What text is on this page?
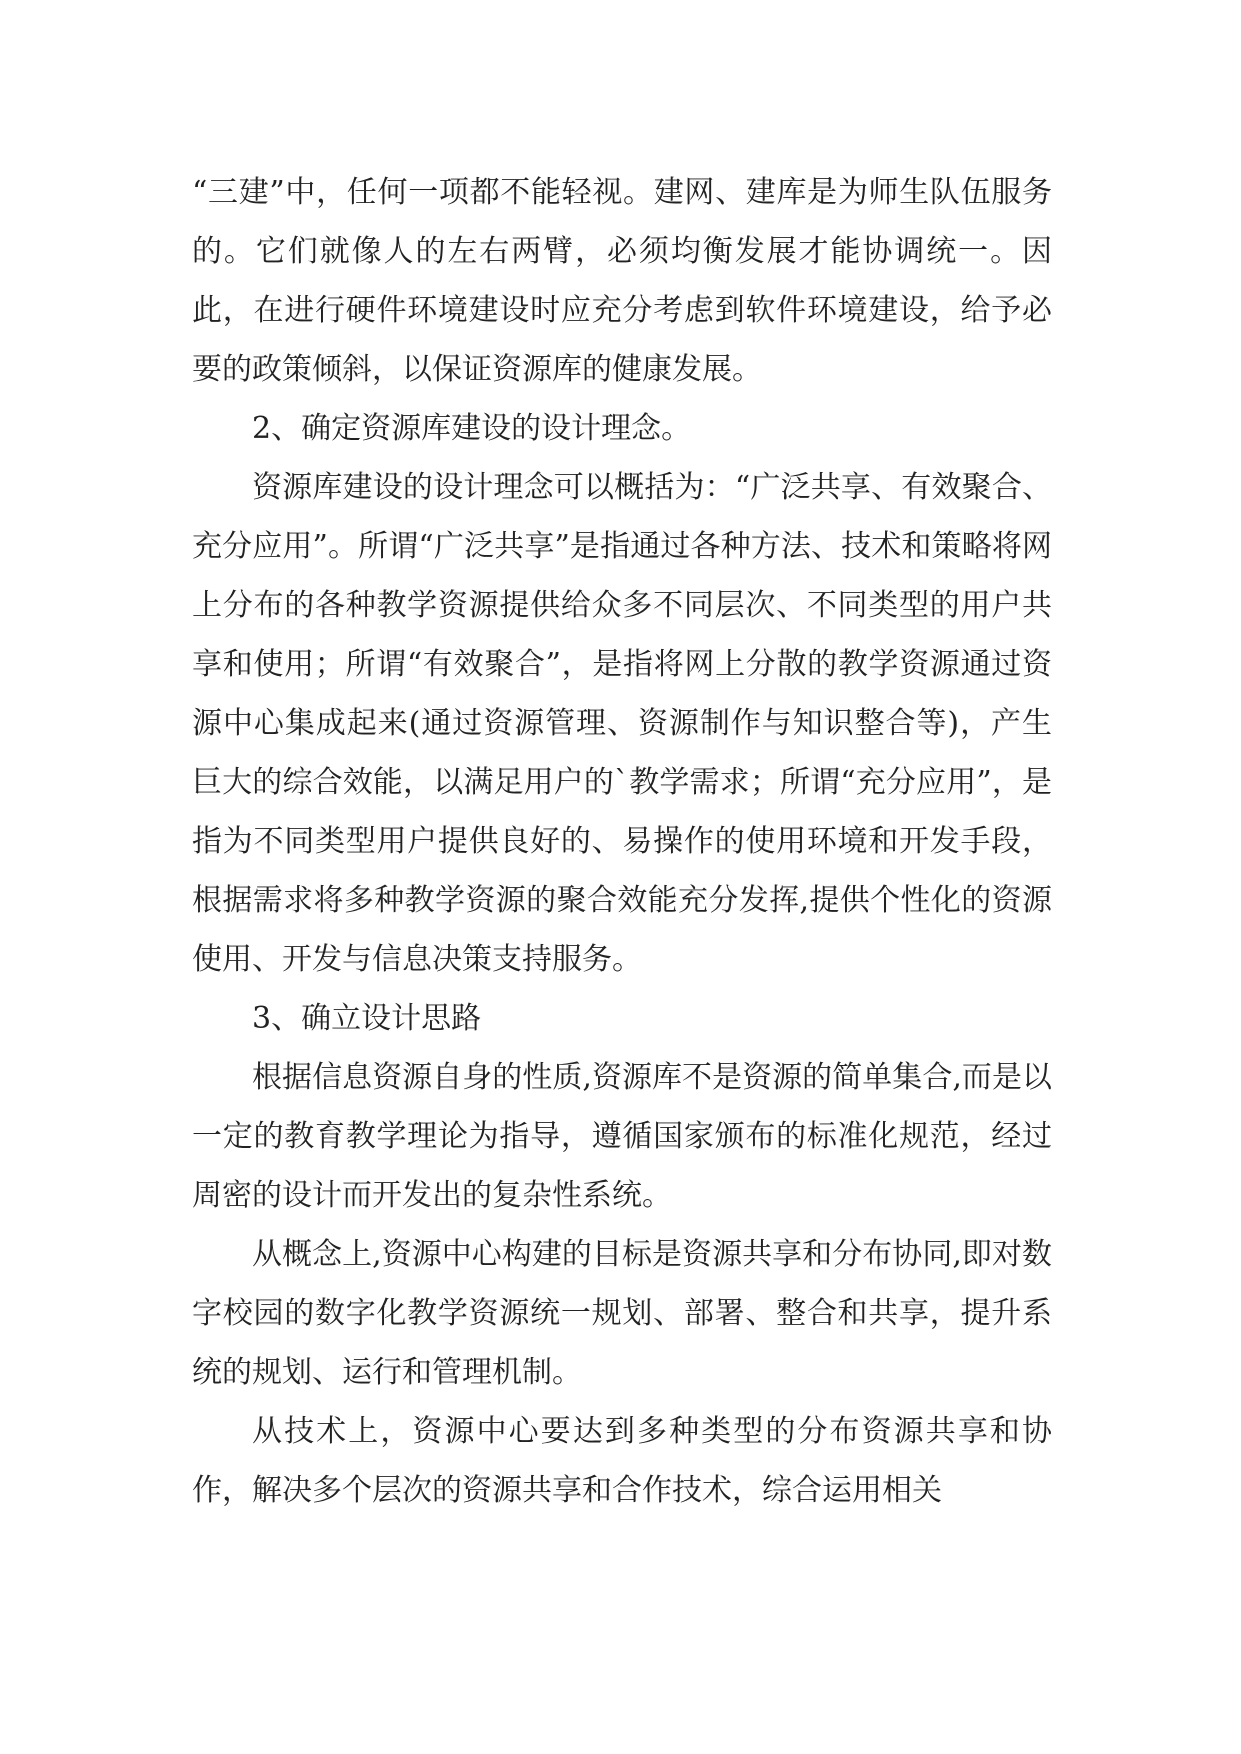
“三建”中，任何一项都不能轻视。建网、建库是为师生队伍服务的。它们就像人的左右两臂，必须均衡发展才能协调统一。因此，在进行硬件环境建设时应充分考虑到软件环境建设，给予必要的政策倾斜，以保证资源库的健康发展。

2、确定资源库建设的设计理念。

资源库建设的设计理念可以概括为：“广泛共享、有效聚合、充分应用”。所谓“广泛共享”是指通过各种方法、技术和策略将网上分布的各种教学资源提供给众多不同层次、不同类型的用户共享和使用；所谓“有效聚合”，是指将网上分散的教学资源通过资源中心集成起来(通过资源管理、资源制作与知识整合等)，产生巨大的综合效能，以满足用户的`教学需求；所谓“充分应用”，是指为不同类型用户提供良好的、易操作的使用环境和开发手段，根据需求将多种教学资源的聚合效能充分发挥,提供个性化的资源使用、开发与信息决策支持服务。

3、确立设计思路

根据信息资源自身的性质,资源库不是资源的简单集合,而是以一定的教育教学理论为指导，遵循国家颁布的标准化规范，经过周密的设计而开发出的复杂性系统。

从概念上,资源中心构建的目标是资源共享和分布协同,即对数字校园的数字化教学资源统一规划、部署、整合和共享，提升系统的规划、运行和管理机制。

从技术上，资源中心要达到多种类型的分布资源共享和协作，解决多个层次的资源共享和合作技术，综合运用相关
